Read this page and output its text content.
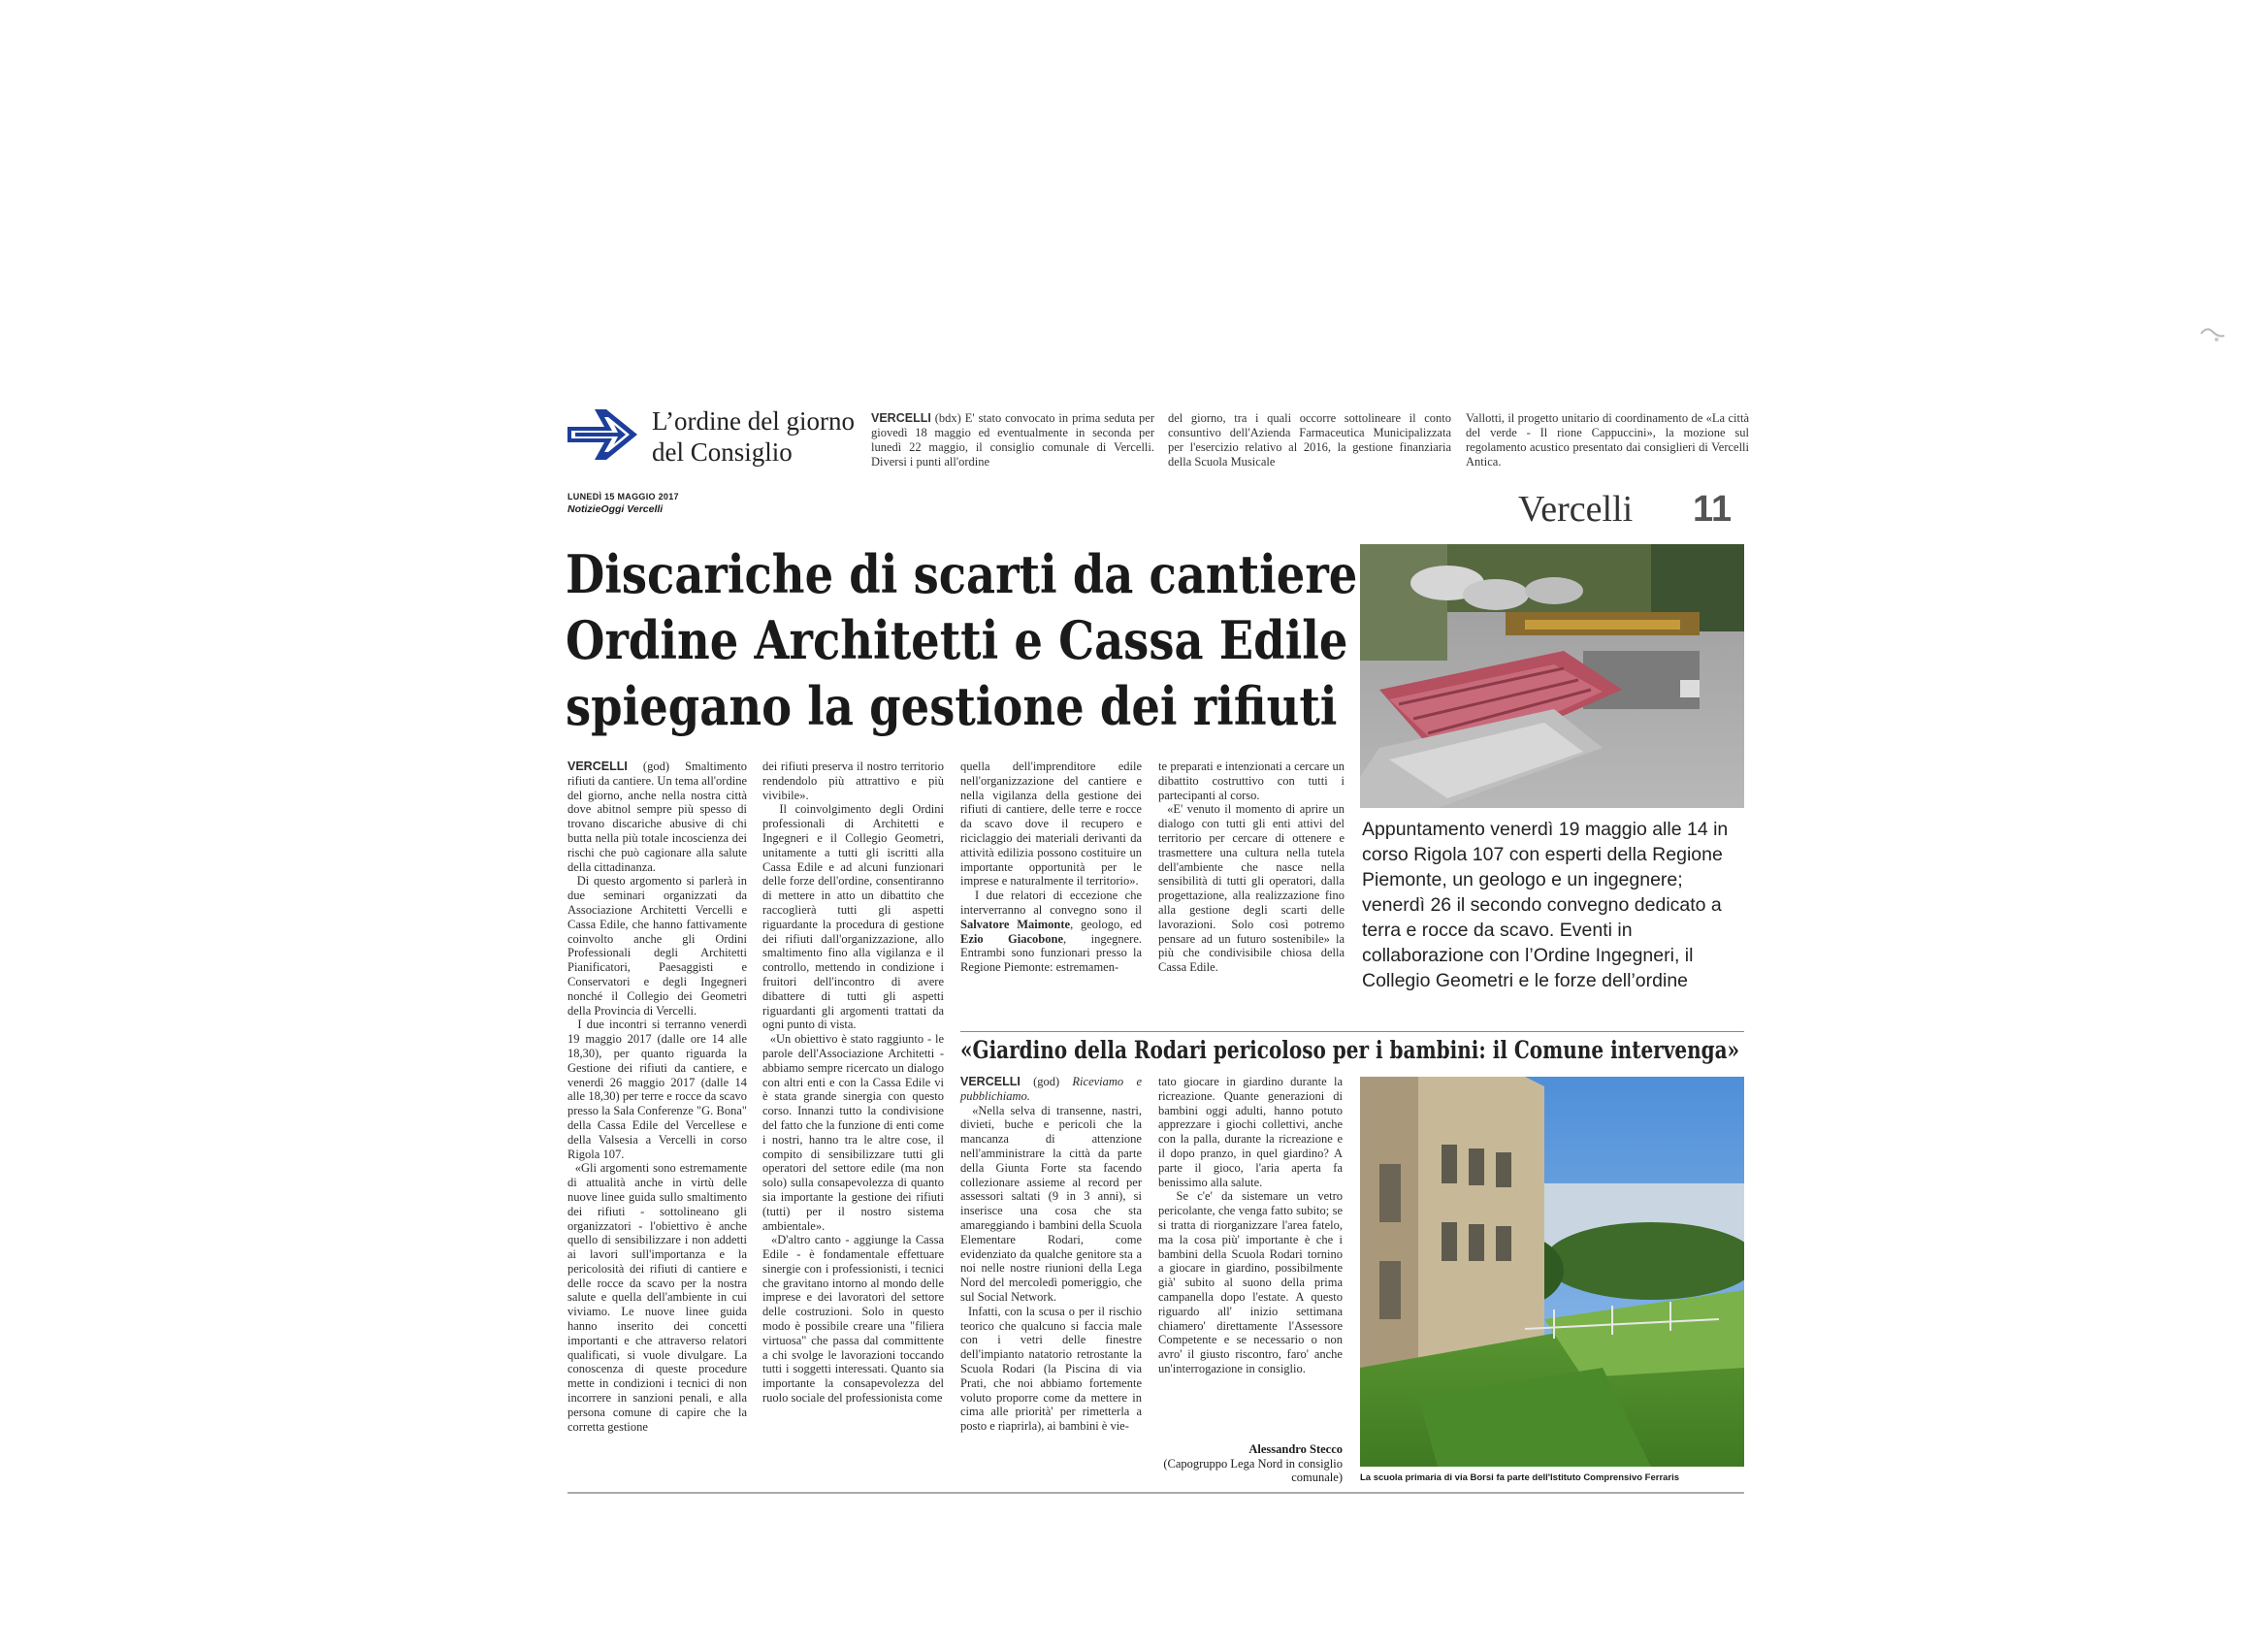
L’ordine del giorno
del Consiglio
VERCELLI (bdx) E' stato convocato in prima seduta per giovedì 18 maggio ed eventualmente in seconda per lunedì 22 maggio, il consiglio comunale di Vercelli. Diversi i punti all'ordine
del giorno, tra i quali occorre sottolineare il conto consuntivo dell'Azienda Farmaceutica Municipalizzata per l'esercizio relativo al 2016, la gestione finanziaria della Scuola Musicale
Vallotti, il progetto unitario di coordinamento de «La città del verde - Il rione Cappuccini», la mozione sul regolamento acustico presentato dai consiglieri di Vercelli Antica.
LUNEDÌ 15 MAGGIO 2017
NotizieOggi Vercelli	Vercelli 11
Discariche di scarti da cantiere
Ordine Architetti e Cassa Edile
spiegano la gestione dei rifiuti
Appuntamento venerdì 19 maggio alle 14 in corso Rigola 107 con esperti della Regione Piemonte, un geologo e un ingegnere; venerdì 26 il secondo convegno dedicato a terra e rocce da scavo. Eventi in collaborazione con l’Ordine Ingegneri, il Collegio Geometri e le forze dell’ordine
VERCELLI (god) Smaltimento rifiuti da cantiere. Un tema all'ordine del giorno, anche nella nostra città dove abitnol sempre più spesso di trovano discariche abusive di chi butta nella più totale incoscienza dei rischi che può cagionare alla salute della cittadinanza.
Di questo argomento si parlerà in due seminari organizzati da Associazione Architetti Vercelli e Cassa Edile, che hanno fattivamente coinvolto anche gli Ordini Professionali degli Architetti Pianificatori, Paesaggisti e Conservatori e degli Ingegneri nonché il Collegio dei Geometri della Provincia di Vercelli.
I due incontri si terranno venerdì 19 maggio 2017 (dalle ore 14 alle 18,30), per quanto riguarda la Gestione dei rifiuti da cantiere, e venerdì 26 maggio 2017 (dalle 14 alle 18,30) per terre e rocce da scavo presso la Sala Conferenze "G. Bona" della Cassa Edile del Vercellese e della Valsesia a Vercelli in corso Rigola 107.
«Gli argomenti sono estremamente di attualità anche in virtù delle nuove linee guida sullo smaltimento dei rifiuti - sottolineano gli organizzatori - l'obiettivo è anche quello di sensibilizzare i non addetti ai lavori sull'importanza e la pericolosità dei rifiuti di cantiere e delle rocce da scavo per la nostra salute e quella dell'ambiente in cui viviamo. Le nuove linee guida hanno inserito dei concetti importanti e che attraverso relatori qualificati, si vuole divulgare. La conoscenza di queste procedure mette in condizioni i tecnici di non incorrere in sanzioni penali, e alla persona comune di capire che la corretta gestione
dei rifiuti preserva il nostro territorio rendendolo più attrattivo e più vivibile».
Il coinvolgimento degli Ordini professionali di Architetti e Ingegneri e il Collegio Geometri, unitamente a tutti gli iscritti alla Cassa Edile e ad alcuni funzionari delle forze dell'ordine, consentiranno di mettere in atto un dibattito che raccoglierà tutti gli aspetti riguardante la procedura di gestione dei rifiuti dall'organizzazione, allo smaltimento fino alla vigilanza e il controllo, mettendo in condizione i fruitori dell'incontro di avere dibattere di tutti gli aspetti riguardanti gli argomenti trattati da ogni punto di vista.
«Un obiettivo è stato raggiunto - le parole dell'Associazione Architetti - abbiamo sempre ricercato un dialogo con altri enti e con la Cassa Edile vi è stata grande sinergia con questo corso. Innanzi tutto la condivisione del fatto che la funzione di enti come i nostri, hanno tra le altre cose, il compito di sensibilizzare tutti gli operatori del settore edile (ma non solo) sulla consapevolezza di quanto sia importante la gestione dei rifiuti (tutti) per il nostro sistema ambientale».
«D'altro canto - aggiunge la Cassa Edile - è fondamentale effettuare sinergie con i professionisti, i tecnici che gravitano intorno al mondo delle imprese e dei lavoratori del settore delle costruzioni. Solo in questo modo è possibile creare una "filiera virtuosa" che passa dal committente a chi svolge le lavorazioni toccando tutti i soggetti interessati. Quanto sia importante la consapevolezza del ruolo sociale del professionista come
quella dell'imprenditore edile nell'organizzazione del cantiere e nella vigilanza della gestione dei rifiuti di cantiere, delle terre e rocce da scavo dove il recupero e riciclaggio dei materiali derivanti da attività edilizia possono costituire un importante opportunità per le imprese e naturalmente il territorio».
I due relatori di eccezione che interverranno al convegno sono il Salvatore Maimonte, geologo, ed Ezio Giacobone, ingegnere. Entrambi sono funzionari presso la Regione Piemonte: estremamen-
te preparati e intenzionati a cercare un dibattito costruttivo con tutti i partecipanti al corso.
«E' venuto il momento di aprire un dialogo con tutti gli enti attivi del territorio per cercare di ottenere e trasmettere una cultura nella tutela dell'ambiente che nasce nella sensibilità di tutti gli operatori, dalla progettazione, alla realizzazione fino alla gestione degli scarti delle lavorazioni. Solo così potremo pensare ad un futuro sostenibile» la più che condivisibile chiosa della Cassa Edile.
«Giardino della Rodari pericoloso per i bambini: il Comune intervenga»
VERCELLI (god) Riceviamo e pubblichiamo.
«Nella selva di transenne, nastri, divieti, buche e pericoli che la mancanza di attenzione nell'amministrare la città da parte della Giunta Forte sta facendo collezionare assieme al record per assessori saltati (9 in 3 anni), si inserisce una cosa che sta amareggiando i bambini della Scuola Elementare Rodari, come evidenziato da qualche genitore sta a noi nelle nostre riunioni della Lega Nord del mercoledì pomeriggio, che sul Social Network.
Infatti, con la scusa o per il rischio teorico che qualcuno si faccia male con i vetri delle finestre dell'impianto natatorio retrostante la Scuola Rodari (la Piscina di via Prati, che noi abbiamo fortemente voluto proporre come da mettere in cima alle priorità' per rimetterla a posto e riaprirla), ai bambini è vie-
tato giocare in giardino durante la ricreazione. Quante generazioni di bambini oggi adulti, hanno potuto apprezzare i giochi collettivi, anche con la palla, durante la ricreazione e il dopo pranzo, in quel giardino? A parte il gioco, l'aria aperta fa benissimo alla salute.
Se c'e' da sistemare un vetro pericolante, che venga fatto subito; se si tratta di riorganizzare l'area fatelo, ma la cosa più' importante è che i bambini della Scuola Rodari tornino a giocare in giardino, possibilmente già' subito al suono della prima campanella dopo l'estate. A questo riguardo all' inizio settimana chiamero' direttamente l'Assessore Competente e se necessario o non avro' il giusto riscontro, faro' anche un'interrogazione in consiglio.
Alessandro Stecco
(Capogruppo Lega Nord in consiglio comunale) La scuola primaria di via Borsi fa parte dell'Istituto Comprensivo Ferraris
